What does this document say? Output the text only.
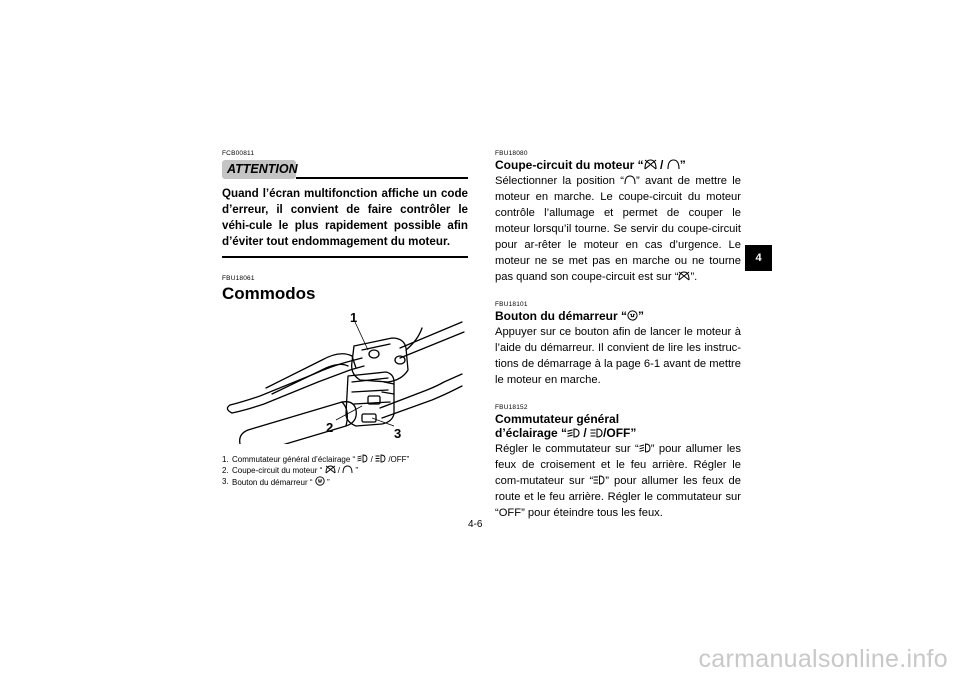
FCB00811
ATTENTION
Quand l’écran multifonction affiche un code d’erreur, il convient de faire contrôler le véhi-cule le plus rapidement possible afin d’éviter tout endommagement du moteur.
FBU18061
Commodos
1
2	3
1. Commutateur général d’éclairage “  /  /OFF”
2. Coupe-circuit du moteur “  /  ”
3. Bouton du démarreur “ ”
FBU18080
Coupe-circuit du moteur “ / ”
Sélectionner la position “ ” avant de mettre le moteur en marche. Le coupe-circuit du moteur contrôle l’allumage et permet de couper le moteur lorsqu’il tourne. Se servir du coupe-circuit pour ar-rêter le moteur en cas d’urgence. Le moteur ne se met pas en marche ou ne tourne pas quand son coupe-circuit est sur “ ”.
FBU18101
Bouton du démarreur “ ”
Appuyer sur ce bouton afin de lancer le moteur à l’aide du démarreur. Il convient de lire les instruc-tions de démarrage à la page 6-1 avant de mettre le moteur en marche.
FBU18152
Commutateur général
d’éclairage “ / /OFF”
Régler le commutateur sur “ ” pour allumer les feux de croisement et le feu arrière. Régler le com-mutateur sur “ ” pour allumer les feux de route et le feu arrière. Régler le commutateur sur “OFF” pour éteindre tous les feux.
4
4-6
carmanualsonline.info
